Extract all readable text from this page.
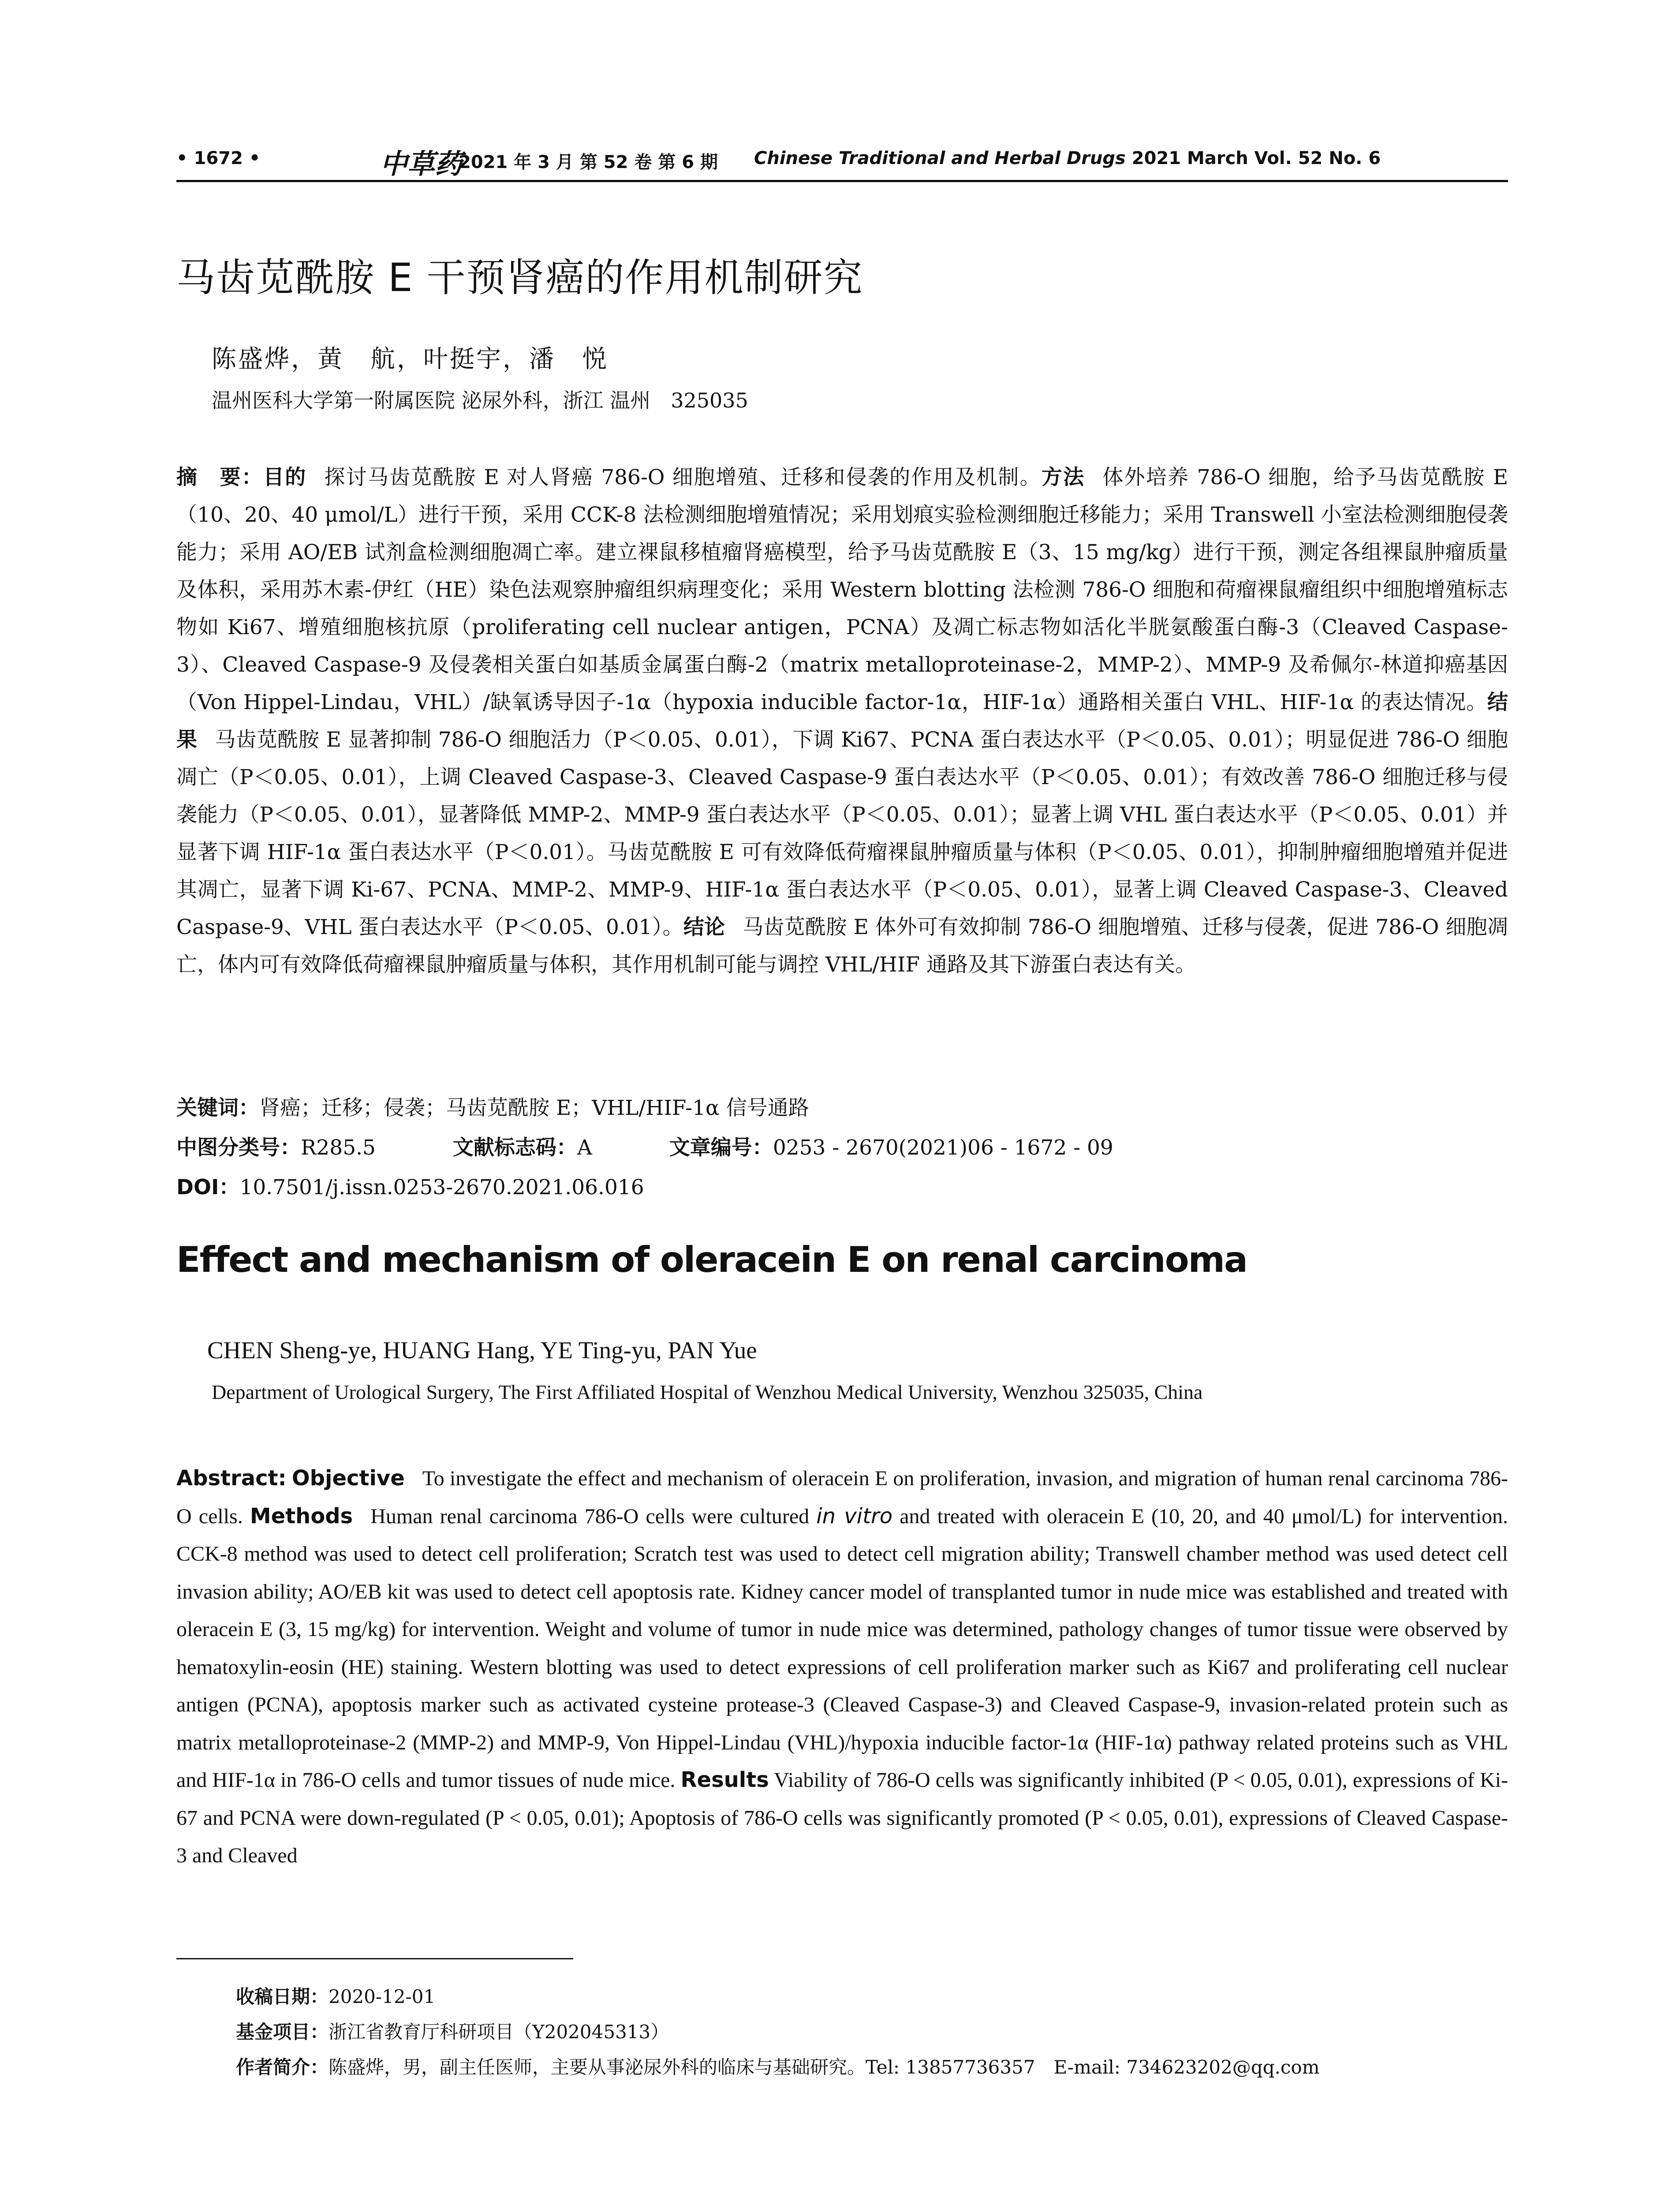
• 1672 •	中草药
2021 年 3 月 第 52 卷 第 6 期 Chinese Traditional and Herbal Drugs 2021 March Vol. 52 No. 6
马齿苋酰胺 E 干预肾癌的作用机制研究
陈盛烨，黄　航，叶挺宇，潘　悦
温州医科大学第一附属医院 泌尿外科，浙江 温州　325035
摘　要：目的 探讨马齿苋酰胺 E 对人肾癌 786-O 细胞增殖、迁移和侵袭的作用及机制。方法 体外培养 786-O 细胞，给予马齿苋酰胺 E（10、20、40 μmol/L）进行干预，采用 CCK-8 法检测细胞增殖情况；采用划痕实验检测细胞迁移能力；采用 Transwell 小室法检测细胞侵袭能力；采用 AO/EB 试剂盒检测细胞凋亡率。建立裸鼠移植瘤肾癌模型，给予马齿苋酰胺 E（3、15 mg/kg）进行干预，测定各组裸鼠肿瘤质量及体积，采用苏木素-伊红（HE）染色法观察肿瘤组织病理变化；采用 Western blotting 法检测 786-O 细胞和荷瘤裸鼠瘤组织中细胞增殖标志物如 Ki67、增殖细胞核抗原（proliferating cell nuclear antigen，PCNA）及凋亡标志物如活化半胱氨酸蛋白酶-3（Cleaved Caspase-3）、Cleaved Caspase-9 及侵袭相关蛋白如基质金属蛋白酶-2（matrix metalloproteinase-2，MMP-2）、MMP-9 及希佩尔-林道抑癌基因（Von Hippel-Lindau，VHL）/缺氧诱导因子-1α（hypoxia inducible factor-1α，HIF-1α）通路相关蛋白 VHL、HIF-1α 的表达情况。结果 马齿苋酰胺 E 显著抑制 786-O 细胞活力（P＜0.05、0.01），下调 Ki67、PCNA 蛋白表达水平（P＜0.05、0.01）；明显促进 786-O 细胞凋亡（P＜0.05、0.01），上调 Cleaved Caspase-3、Cleaved Caspase-9 蛋白表达水平（P＜0.05、0.01）；有效改善 786-O 细胞迁移与侵袭能力（P＜0.05、0.01），显著降低 MMP-2、MMP-9 蛋白表达水平（P＜0.05、0.01）；显著上调 VHL 蛋白表达水平（P＜0.05、0.01）并显著下调 HIF-1α 蛋白表达水平（P＜0.01）。马齿苋酰胺 E 可有效降低荷瘤裸鼠肿瘤质量与体积（P＜0.05、0.01），抑制肿瘤细胞增殖并促进其凋亡，显著下调 Ki-67、PCNA、MMP-2、MMP-9、HIF-1α 蛋白表达水平（P＜0.05、0.01），显著上调 Cleaved Caspase-3、Cleaved Caspase-9、VHL 蛋白表达水平（P＜0.05、0.01）。结论 马齿苋酰胺 E 体外可有效抑制 786-O 细胞增殖、迁移与侵袭，促进 786-O 细胞凋亡，体内可有效降低荷瘤裸鼠肿瘤质量与体积，其作用机制可能与调控 VHL/HIF 通路及其下游蛋白表达有关。
关键词：肾癌；迁移；侵袭；马齿苋酰胺 E；VHL/HIF-1α 信号通路
中图分类号：R285.5	文献标志码：A	文章编号：0253 - 2670(2021)06 - 1672 - 09
DOI：10.7501/j.issn.0253-2670.2021.06.016
Effect and mechanism of oleracein E on renal carcinoma
CHEN Sheng-ye, HUANG Hang, YE Ting-yu, PAN Yue
Department of Urological Surgery, The First Affiliated Hospital of Wenzhou Medical University, Wenzhou 325035, China
Abstract: Objective To investigate the effect and mechanism of oleracein E on proliferation, invasion, and migration of human renal carcinoma 786-O cells. Methods Human renal carcinoma 786-O cells were cultured in vitro and treated with oleracein E (10, 20, and 40 μmol/L) for intervention. CCK-8 method was used to detect cell proliferation; Scratch test was used to detect cell migration ability; Transwell chamber method was used detect cell invasion ability; AO/EB kit was used to detect cell apoptosis rate. Kidney cancer model of transplanted tumor in nude mice was established and treated with oleracein E (3, 15 mg/kg) for intervention. Weight and volume of tumor in nude mice was determined, pathology changes of tumor tissue were observed by hematoxylin-eosin (HE) staining. Western blotting was used to detect expressions of cell proliferation marker such as Ki67 and proliferating cell nuclear antigen (PCNA), apoptosis marker such as activated cysteine protease-3 (Cleaved Caspase-3) and Cleaved Caspase-9, invasion-related protein such as matrix metalloproteinase-2 (MMP-2) and MMP-9, Von Hippel-Lindau (VHL)/hypoxia inducible factor-1α (HIF-1α) pathway related proteins such as VHL and HIF-1α in 786-O cells and tumor tissues of nude mice. Results Viability of 786-O cells was significantly inhibited (P < 0.05, 0.01), expressions of Ki-67 and PCNA were down-regulated (P < 0.05, 0.01); Apoptosis of 786-O cells was significantly promoted (P < 0.05, 0.01), expressions of Cleaved Caspase-3 and Cleaved
收稿日期：2020-12-01
基金项目：浙江省教育厅科研项目（Y202045313）
作者简介：陈盛烨，男，副主任医师，主要从事泌尿外科的临床与基础研究。Tel: 13857736357　E-mail: 734623202@qq.com
